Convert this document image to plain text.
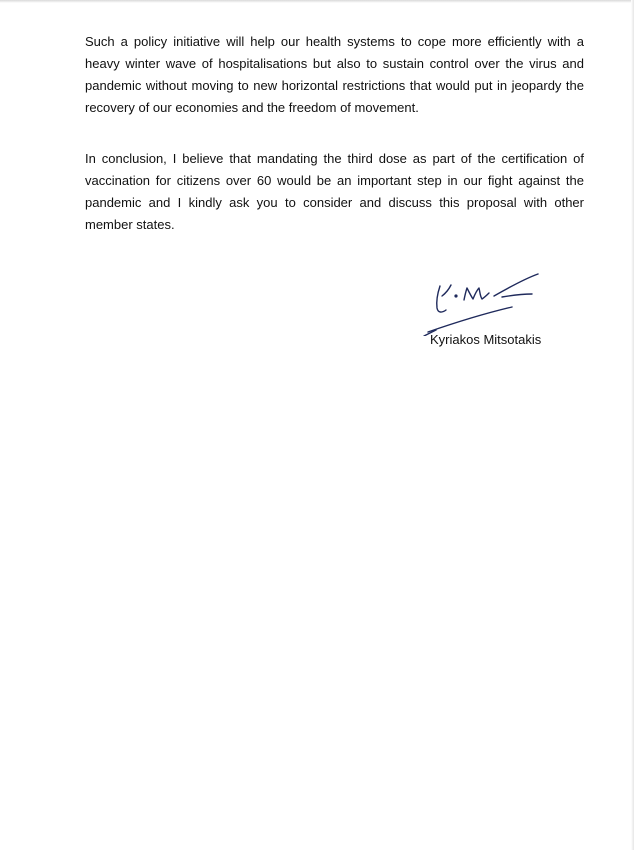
Such a policy initiative will help our health systems to cope more efficiently with a heavy winter wave of hospitalisations but also to sustain control over the virus and pandemic without moving to new horizontal restrictions that would put in jeopardy the recovery of our economies and the freedom of movement.

In conclusion, I believe that mandating the third dose as part of the certification of vaccination for citizens over 60 would be an important step in our fight against the pandemic and I kindly ask you to consider and discuss this proposal with other member states.

Kyriakos Mitsotakis
